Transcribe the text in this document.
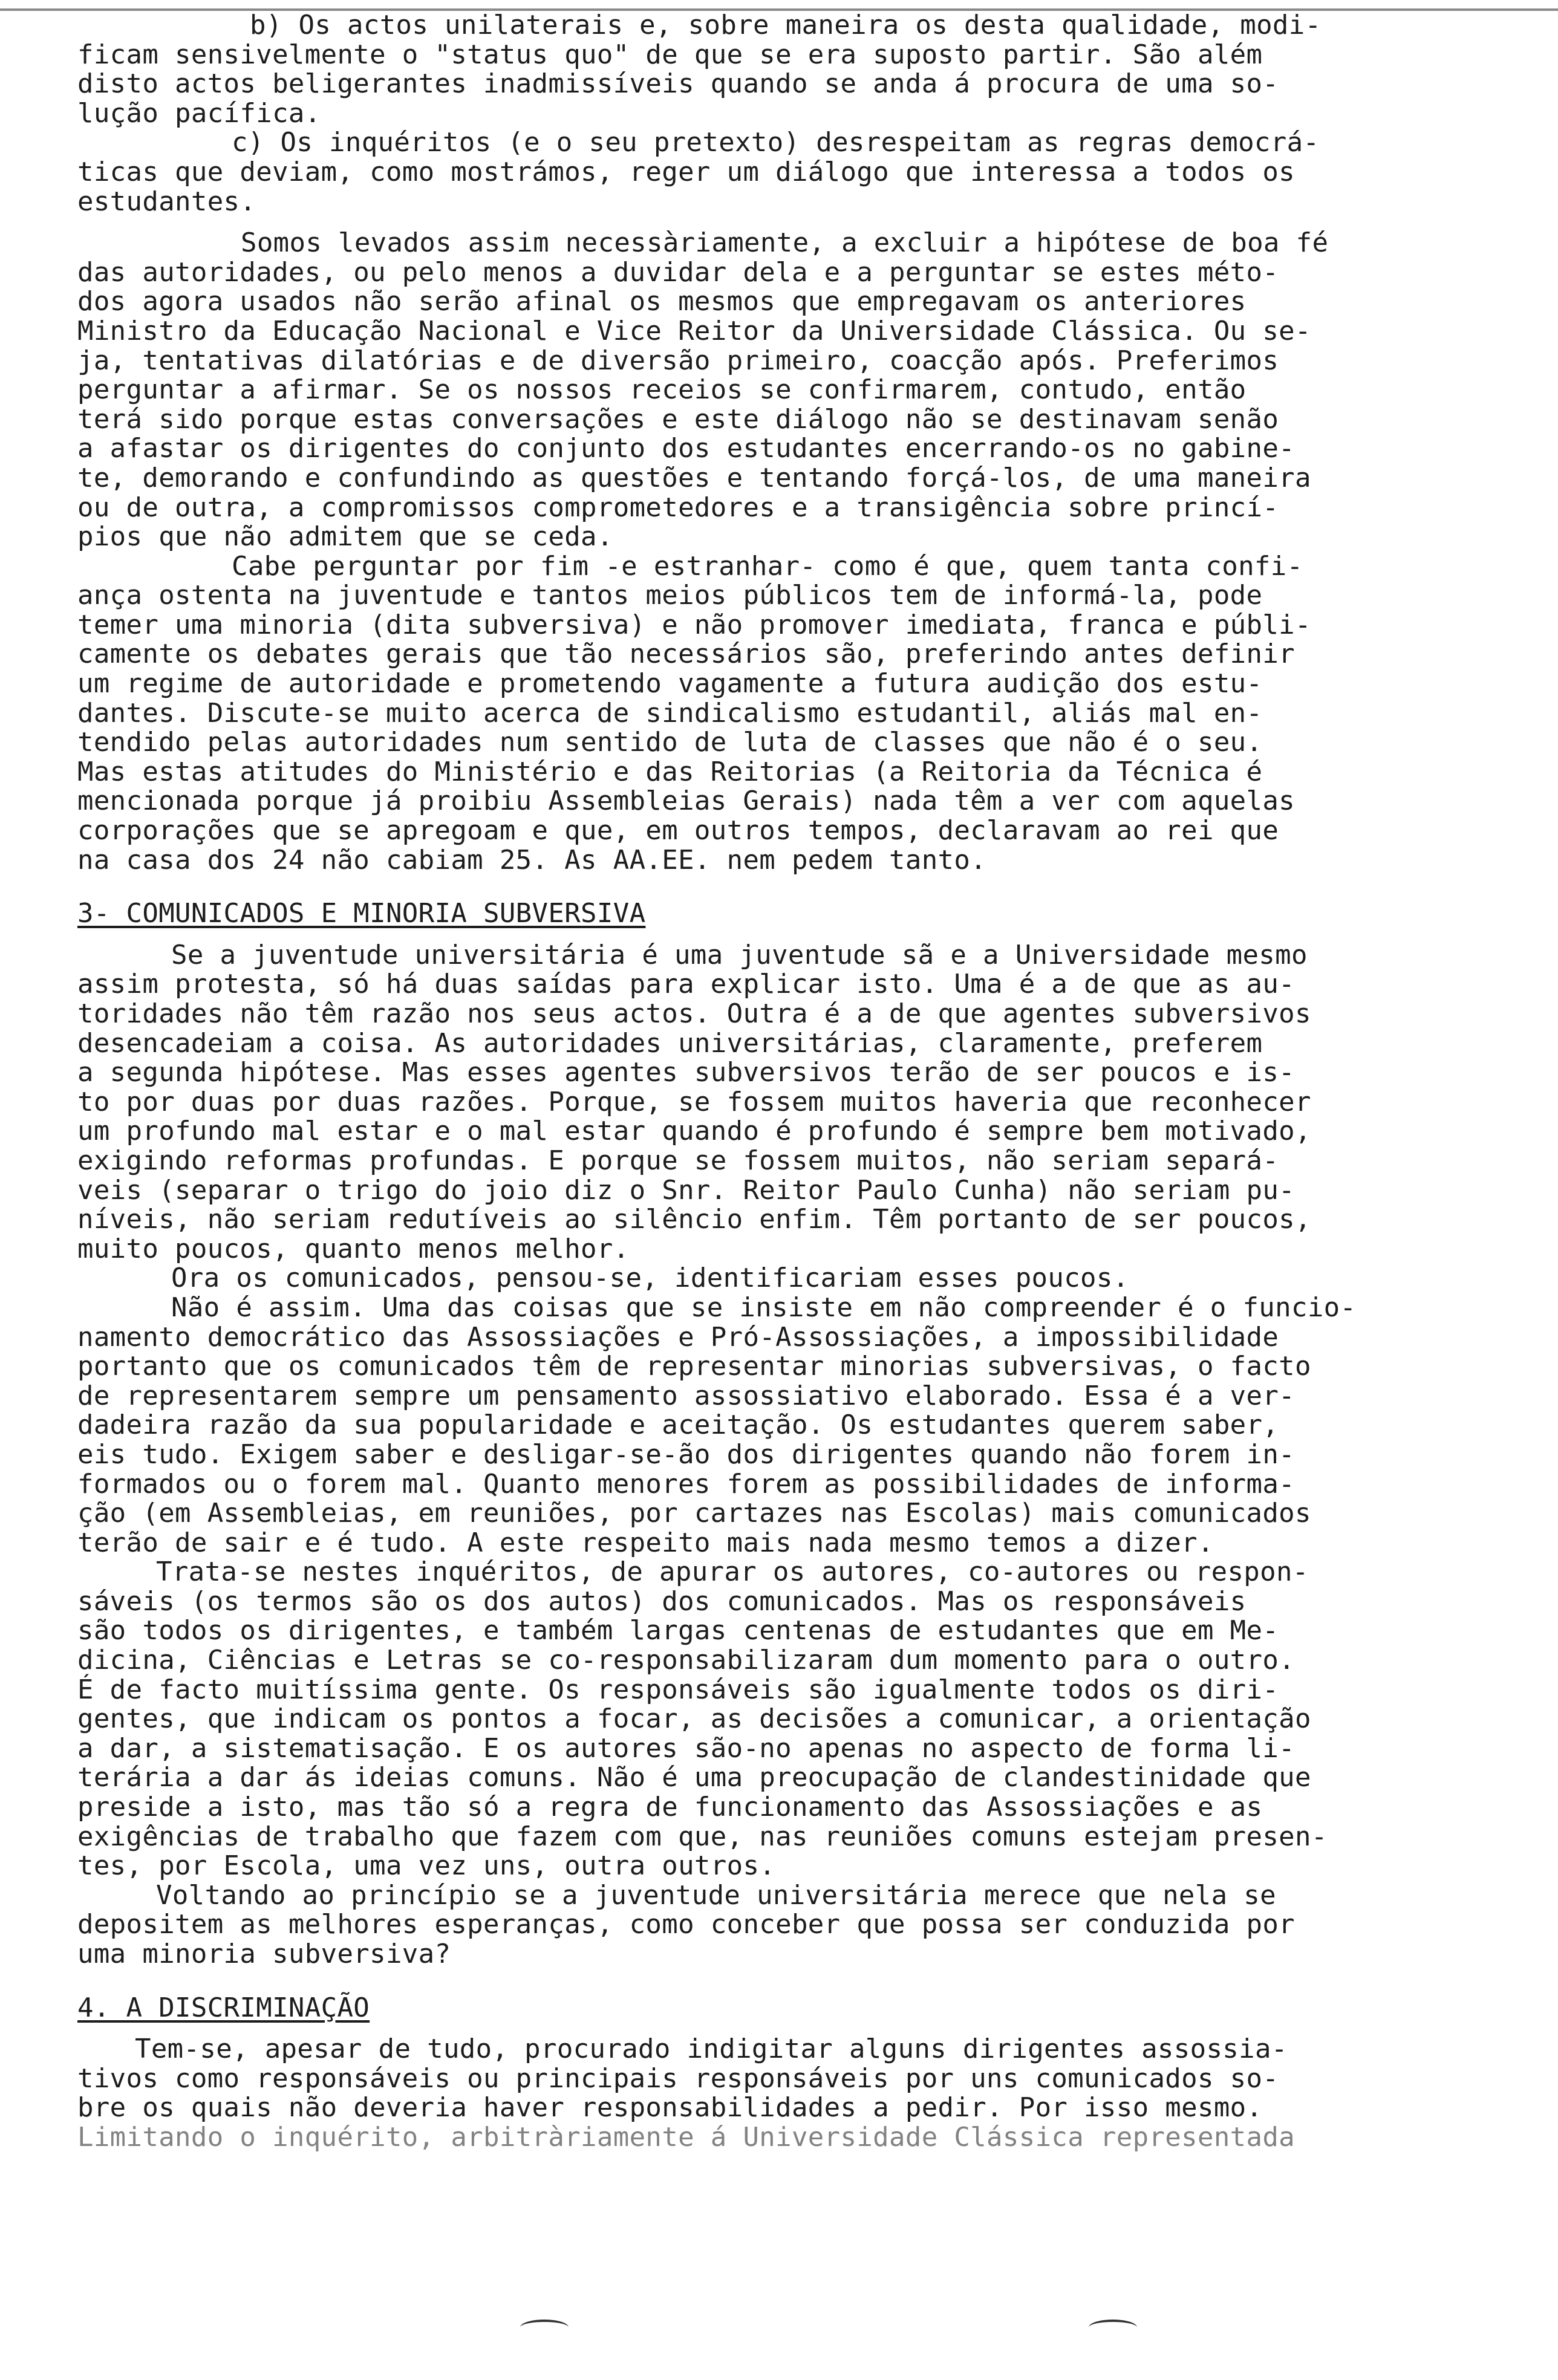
b) Os actos unilaterais e, sobre maneira os desta qualidade, modi-
ficam sensivelmente o "status quo" de que se era suposto partir. São além
disto actos beligerantes inadmissíveis quando se anda á procura de uma so-
lução pacífica.
c) Os inquéritos (e o seu pretexto) desrespeitam as regras democrá-
ticas que deviam, como mostrámos, reger um diálogo que interessa a todos os
estudantes.
Somos levados assim necessàriamente, a excluir a hipótese de boa fé
das autoridades, ou pelo menos a duvidar dela e a perguntar se estes méto-
dos agora usados não serão afinal os mesmos que empregavam os anteriores
Ministro da Educação Nacional e Vice Reitor da Universidade Clássica. Ou se-
ja, tentativas dilatórias e de diversão primeiro, coacção após. Preferimos
perguntar a afirmar. Se os nossos receios se confirmarem, contudo, então
terá sido porque estas conversações e este diálogo não se destinavam senão
a afastar os dirigentes do conjunto dos estudantes encerrando-os no gabine-
te, demorando e confundindo as questões e tentando forçá-los, de uma maneira
ou de outra, a compromissos comprometedores e a transigência sobre princí-
pios que não admitem que se ceda.
Cabe perguntar por fim -e estranhar- como é que, quem tanta confi-
ança ostenta na juventude e tantos meios públicos tem de informá-la, pode
temer uma minoria (dita subversiva) e não promover imediata, franca e públi-
camente os debates gerais que tão necessários são, preferindo antes definir
um regime de autoridade e prometendo vagamente a futura audição dos estu-
dantes. Discute-se muito acerca de sindicalismo estudantil, aliás mal en-
tendido pelas autoridades num sentido de luta de classes que não é o seu.
Mas estas atitudes do Ministério e das Reitorias (a Reitoria da Técnica é
mencionada porque já proibiu Assembleias Gerais) nada têm a ver com aquelas
corporações que se apregoam e que, em outros tempos, declaravam ao rei que
na casa dos 24 não cabiam 25. As AA.EE. nem pedem tanto.
3- COMUNICADOS E MINORIA SUBVERSIVA
Se a juventude universitária é uma juventude sã e a Universidade mesmo
assim protesta, só há duas saídas para explicar isto. Uma é a de que as au-
toridades não têm razão nos seus actos. Outra é a de que agentes subversivos
desencadeiam a coisa. As autoridades universitárias, claramente, preferem
a segunda hipótese. Mas esses agentes subversivos terão de ser poucos e is-
to por duas por duas razões. Porque, se fossem muitos haveria que reconhecer
um profundo mal estar e o mal estar quando é profundo é sempre bem motivado,
exigindo reformas profundas. E porque se fossem muitos, não seriam separá-
veis (separar o trigo do joio diz o Snr. Reitor Paulo Cunha) não seriam pu-
níveis, não seriam redutíveis ao silêncio enfim. Têm portanto de ser poucos,
muito poucos, quanto menos melhor.
Ora os comunicados, pensou-se, identificariam esses poucos.
Não é assim. Uma das coisas que se insiste em não compreender é o funcio-
namento democrático das Assossiações e Pró-Assossiações, a impossibilidade
portanto que os comunicados têm de representar minorias subversivas, o facto
de representarem sempre um pensamento assossiativo elaborado. Essa é a ver-
dadeira razão da sua popularidade e aceitação. Os estudantes querem saber,
eis tudo. Exigem saber e desligar-se-ão dos dirigentes quando não forem in-
formados ou o forem mal. Quanto menores forem as possibilidades de informa-
ção (em Assembleias, em reuniões, por cartazes nas Escolas) mais comunicados
terão de sair e é tudo. A este respeito mais nada mesmo temos a dizer.
Trata-se nestes inquéritos, de apurar os autores, co-autores ou respon-
sáveis (os termos são os dos autos) dos comunicados. Mas os responsáveis
são todos os dirigentes, e também largas centenas de estudantes que em Me-
dicina, Ciências e Letras se co-responsabilizaram dum momento para o outro.
É de facto muitíssima gente. Os responsáveis são igualmente todos os diri-
gentes, que indicam os pontos a focar, as decisões a comunicar, a orientação
a dar, a sistematisação. E os autores são-no apenas no aspecto de forma li-
terária a dar ás ideias comuns. Não é uma preocupação de clandestinidade que
preside a isto, mas tão só a regra de funcionamento das Assossiações e as
exigências de trabalho que fazem com que, nas reuniões comuns estejam presen-
tes, por Escola, uma vez uns, outra outros.
Voltando ao princípio se a juventude universitária merece que nela se
depositem as melhores esperanças, como conceber que possa ser conduzida por
uma minoria subversiva?
4. A DISCRIMINAÇÃO
Tem-se, apesar de tudo, procurado indigitar alguns dirigentes assossia-
tivos como responsáveis ou principais responsáveis por uns comunicados so-
bre os quais não deveria haver responsabilidades a pedir. Por isso mesmo.
Limitando o inquérito, arbitràriamente á Universidade Clássica representada
